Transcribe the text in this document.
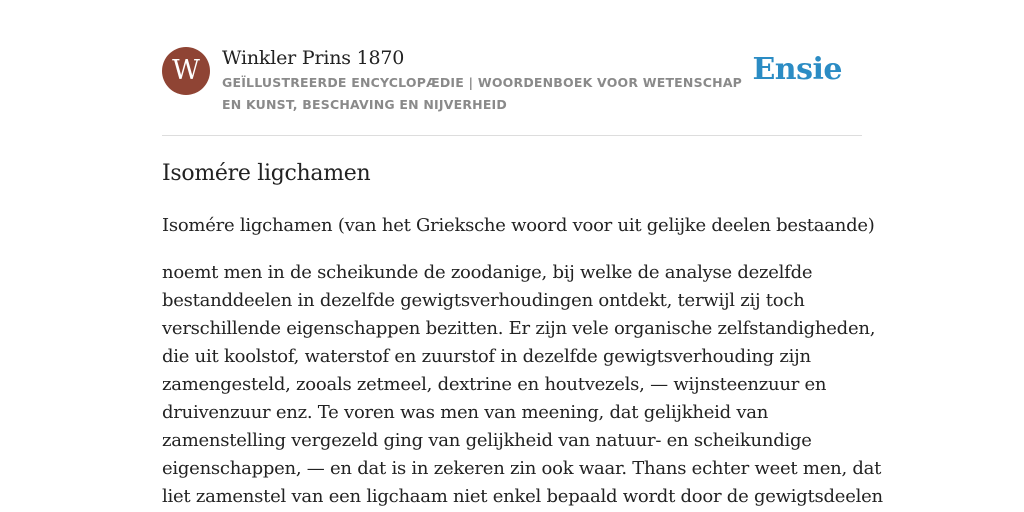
W	Winkler Prins 1870
GEÏLLUSTREERDE ENCYCLOPÆDIE | WOORDENBOEK VOOR WETENSCHAP EN KUNST, BESCHAVING EN NIJVERHEID
Ensie
Isomére ligchamen

Isomére ligchamen (van het Grieksche woord voor uit gelijke deelen bestaande)

noemt men in de scheikunde de zoodanige, bij welke de analyse dezelfde
bestanddeelen in dezelfde gewigtsverhoudingen ontdekt, terwijl zij toch
verschillende eigenschappen bezitten. Er zijn vele organische zelfstandigheden,
die uit koolstof, waterstof en zuurstof in dezelfde gewigtsverhouding zijn
zamengesteld, zooals zetmeel, dextrine en houtvezels, — wijnsteenzuur en
druivenzuur enz. Te voren was men van meening, dat gelijkheid van
zamenstelling vergezeld ging van gelijkheid van natuur- en scheikundige
eigenschappen, — en dat is in zekeren zin ook waar. Thans echter weet men, dat
liet zamenstel van een ligchaam niet enkel bepaald wordt door de gewigtsdeelen
